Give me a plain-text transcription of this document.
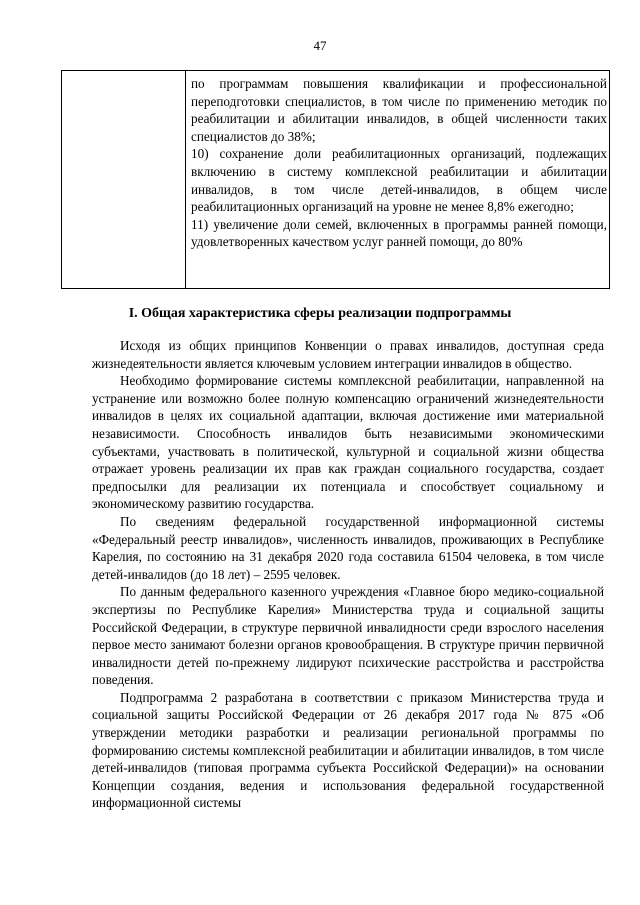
47

по программам повышения квалификации и профессиональной переподготовки специалистов, в том числе по применению методик по реабилитации и абилитации инвалидов, в общей численности таких специалистов до 38%;

10) сохранение доли реабилитационных организаций, подлежащих включению в систему комплексной реабилитации и абилитации инвалидов, в том числе детей-инвалидов, в общем числе реабилитационных организаций на уровне не менее 8,8% ежегодно;

11) увеличение доли семей, включенных в программы ранней помощи, удовлетворенных качеством услуг ранней помощи, до 80%

I. Общая характеристика сферы реализации подпрограммы

Исходя из общих принципов Конвенции о правах инвалидов, доступная среда жизнедеятельности является ключевым условием интеграции инвалидов в общество.

Необходимо формирование системы комплексной реабилитации, направленной на устранение или возможно более полную компенсацию ограничений жизнедеятельности инвалидов в целях их социальной адаптации, включая достижение ими материальной независимости. Способность инвалидов быть независимыми экономическими субъектами, участвовать в политической, культурной и социальной жизни общества отражает уровень реализации их прав как граждан социального государства, создает предпосылки для реализации их потенциала и способствует социальному и экономическому развитию государства.

По сведениям федеральной государственной информационной системы «Федеральный реестр инвалидов», численность инвалидов, проживающих в Республике Карелия, по состоянию на 31 декабря 2020 года составила 61504 человека, в том числе детей-инвалидов (до 18 лет) – 2595 человек.

По данным федерального казенного учреждения «Главное бюро медико-социальной экспертизы по Республике Карелия» Министерства труда и социальной защиты Российской Федерации, в структуре первичной инвалидности среди взрослого населения первое место занимают болезни органов кровообращения. В структуре причин первичной инвалидности детей по-прежнему лидируют психические расстройства и расстройства поведения.

Подпрограмма 2 разработана в соответствии с приказом Министерства труда и социальной защиты Российской Федерации от 26 декабря 2017 года № 875 «Об утверждении методики разработки и реализации региональной программы по формированию системы комплексной реабилитации и абилитации инвалидов, в том числе детей-инвалидов (типовая программа субъекта Российской Федерации)» на основании Концепции создания, ведения и использования федеральной государственной информационной системы
